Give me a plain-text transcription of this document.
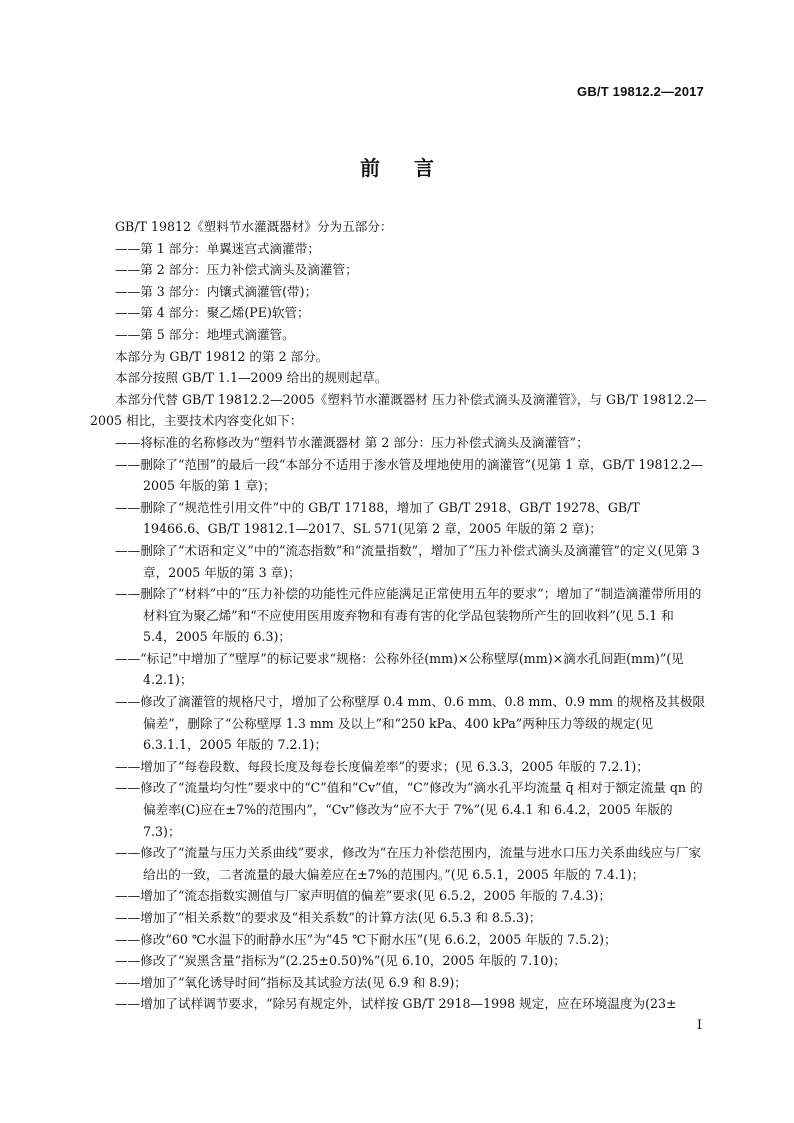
GB/T 19812.2—2017
前言

GB/T 19812《塑料节水灌溉器材》分为五部分：

——第 1 部分：单翼迷宫式滴灌带；

——第 2 部分：压力补偿式滴头及滴灌管；

——第 3 部分：内镶式滴灌管(带)；

——第 4 部分：聚乙烯(PE)软管；

——第 5 部分：地埋式滴灌管。

本部分为 GB/T 19812 的第 2 部分。

本部分按照 GB/T 1.1—2009 给出的规则起草。

本部分代替 GB/T 19812.2—2005《塑料节水灌溉器材 压力补偿式滴头及滴灌管》，与 GB/T 19812.2—

2005 相比，主要技术内容变化如下：

——将标准的名称修改为“塑料节水灌溉器材 第 2 部分：压力补偿式滴头及滴灌管”；

——删除了“范围”的最后一段“本部分不适用于渗水管及埋地使用的滴灌管”(见第 1 章，GB/T 19812.2—2005 年版的第 1 章)；

——删除了“规范性引用文件”中的 GB/T 17188，增加了 GB/T 2918、GB/T 19278、GB/T 19466.6、GB/T 19812.1—2017、SL 571(见第 2 章，2005 年版的第 2 章)；

——删除了“术语和定义”中的“流态指数”和“流量指数”，增加了“压力补偿式滴头及滴灌管”的定义(见第 3 章，2005 年版的第 3 章)；

——删除了“材料”中的“压力补偿的功能性元件应能满足正常使用五年的要求”；增加了“制造滴灌带所用的材料宜为聚乙烯”和“不应使用医用废弃物和有毒有害的化学品包装物所产生的回收料”(见 5.1 和 5.4，2005 年版的 6.3)；

——“标记”中增加了“壁厚”的标记要求“规格：公称外径(mm)×公称壁厚(mm)×滴水孔间距(mm)”(见 4.2.1)；

——修改了滴灌管的规格尺寸，增加了公称壁厚 0.4 mm、0.6 mm、0.8 mm、0.9 mm 的规格及其极限偏差”，删除了“公称壁厚 1.3 mm 及以上”和“250 kPa、400 kPa”两种压力等级的规定(见 6.3.1.1，2005 年版的 7.2.1)；

——增加了“每卷段数、每段长度及每卷长度偏差率”的要求；(见 6.3.3，2005 年版的 7.2.1)；

——修改了“流量均匀性”要求中的“C”值和“Cv”值，“C”修改为“滴水孔平均流量 q̄ 相对于额定流量 qn 的偏差率(C)应在±7%的范围内”，“Cv”修改为“应不大于 7%”(见 6.4.1 和 6.4.2，2005 年版的 7.3)；

——修改了“流量与压力关系曲线”要求，修改为“在压力补偿范围内，流量与进水口压力关系曲线应与厂家给出的一致，二者流量的最大偏差应在±7%的范围内。”(见 6.5.1，2005 年版的 7.4.1)；

——增加了“流态指数实测值与厂家声明值的偏差”要求(见 6.5.2，2005 年版的 7.4.3)；

——增加了“相关系数”的要求及“相关系数”的计算方法(见 6.5.3 和 8.5.3)；

——修改“60 ℃水温下的耐静水压”为“45 ℃下耐水压”(见 6.6.2，2005 年版的 7.5.2)；

——修改了“炭黑含量”指标为“(2.25±0.50)%”(见 6.10，2005 年版的 7.10)；

——增加了“氧化诱导时间”指标及其试验方法(见 6.9 和 8.9)；

——增加了试样调节要求，“除另有规定外，试样按 GB/T 2918—1998 规定，应在环境温度为(23±

I
